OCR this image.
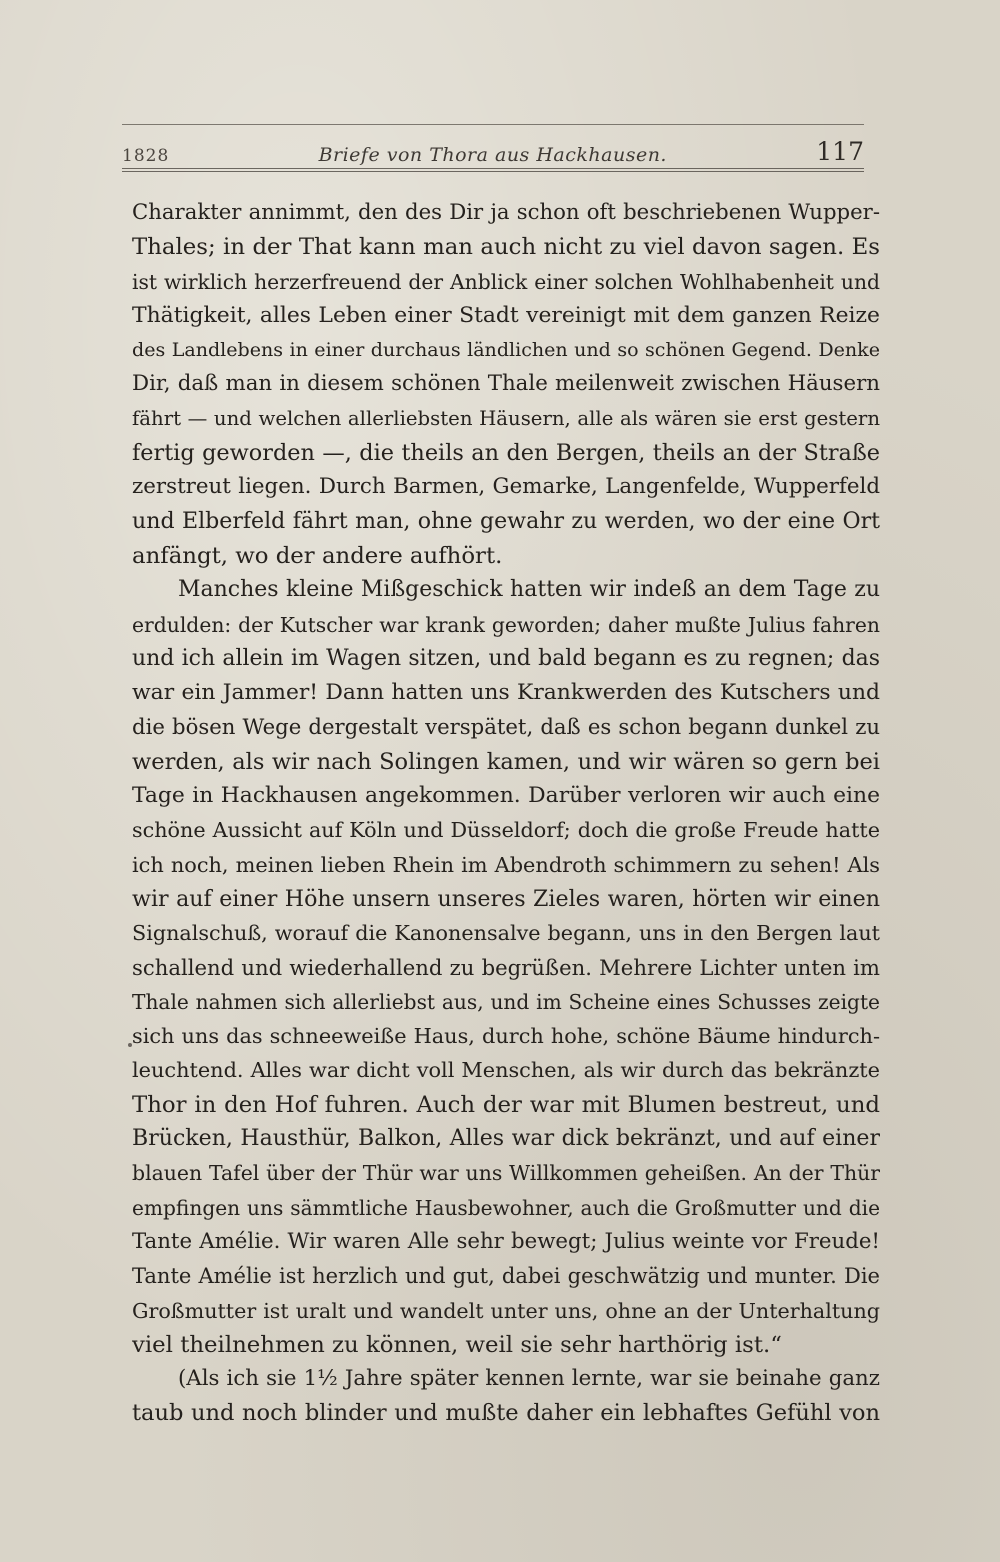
1828	Briefe von Thora aus Hackhausen.	117
Charakter annimmt, den des Dir ja schon oft beschriebenen Wupper-
Thales; in der That kann man auch nicht zu viel davon sagen. Es
ist wirklich herzerfreuend der Anblick einer solchen Wohlhabenheit und
Thätigkeit, alles Leben einer Stadt vereinigt mit dem ganzen Reize
des Landlebens in einer durchaus ländlichen und so schönen Gegend. Denke
Dir, daß man in diesem schönen Thale meilenweit zwischen Häusern
fährt — und welchen allerliebsten Häusern, alle als wären sie erst gestern
fertig geworden —, die theils an den Bergen, theils an der Straße
zerstreut liegen. Durch Barmen, Gemarke, Langenfelde, Wupperfeld
und Elberfeld fährt man, ohne gewahr zu werden, wo der eine Ort
anfängt, wo der andere aufhört.
Manches kleine Mißgeschick hatten wir indeß an dem Tage zu
erdulden: der Kutscher war krank geworden; daher mußte Julius fahren
und ich allein im Wagen sitzen, und bald begann es zu regnen; das
war ein Jammer! Dann hatten uns Krankwerden des Kutschers und
die bösen Wege dergestalt verspätet, daß es schon begann dunkel zu
werden, als wir nach Solingen kamen, und wir wären so gern bei
Tage in Hackhausen angekommen. Darüber verloren wir auch eine
schöne Aussicht auf Köln und Düsseldorf; doch die große Freude hatte
ich noch, meinen lieben Rhein im Abendroth schimmern zu sehen! Als
wir auf einer Höhe unsern unseres Zieles waren, hörten wir einen
Signalschuß, worauf die Kanonensalve begann, uns in den Bergen laut
schallend und wiederhallend zu begrüßen. Mehrere Lichter unten im
Thale nahmen sich allerliebst aus, und im Scheine eines Schusses zeigte
sich uns das schneeweiße Haus, durch hohe, schöne Bäume hindurch-
leuchtend. Alles war dicht voll Menschen, als wir durch das bekränzte
Thor in den Hof fuhren. Auch der war mit Blumen bestreut, und
Brücken, Hausthür, Balkon, Alles war dick bekränzt, und auf einer
blauen Tafel über der Thür war uns Willkommen geheißen. An der Thür
empfingen uns sämmtliche Hausbewohner, auch die Großmutter und die
Tante Amélie. Wir waren Alle sehr bewegt; Julius weinte vor Freude!
Tante Amélie ist herzlich und gut, dabei geschwätzig und munter. Die
Großmutter ist uralt und wandelt unter uns, ohne an der Unterhaltung
viel theilnehmen zu können, weil sie sehr harthörig ist.“
(Als ich sie 1½ Jahre später kennen lernte, war sie beinahe ganz
taub und noch blinder und mußte daher ein lebhaftes Gefühl von
